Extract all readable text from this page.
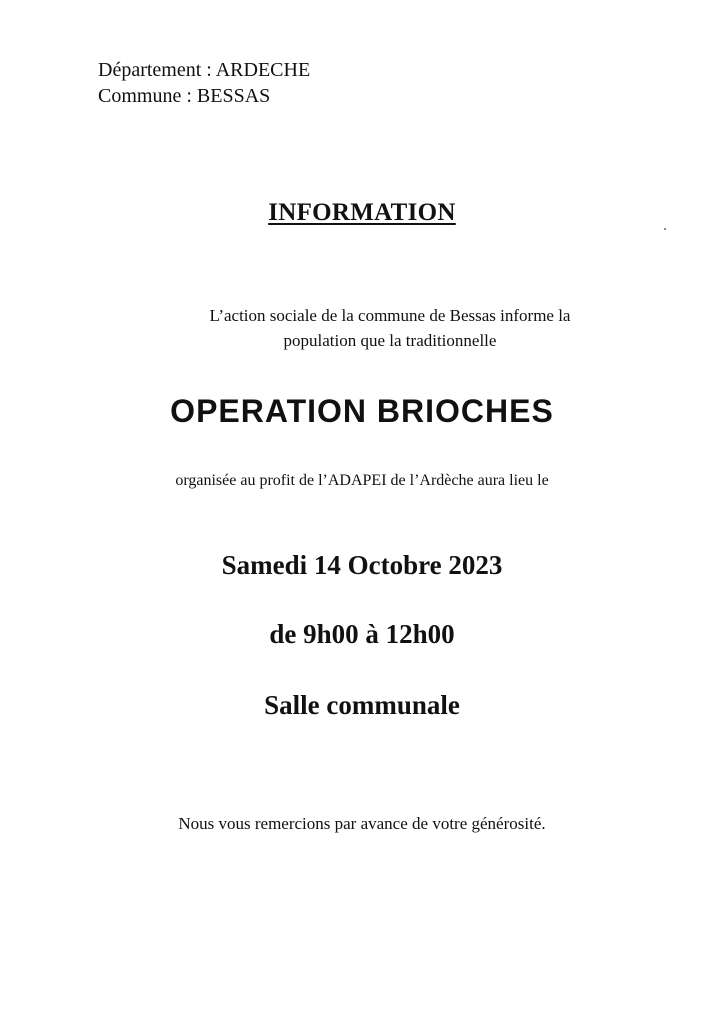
Département : ARDECHE
Commune : BESSAS
INFORMATION
L’action sociale de la commune de Bessas informe la
population que la traditionnelle
OPERATION BRIOCHES
organisée au profit de l’ADAPEI de l’Ardèche aura lieu le
Samedi 14 Octobre 2023
de 9h00 à 12h00
Salle communale
Nous vous remercions par avance de votre générosité.
